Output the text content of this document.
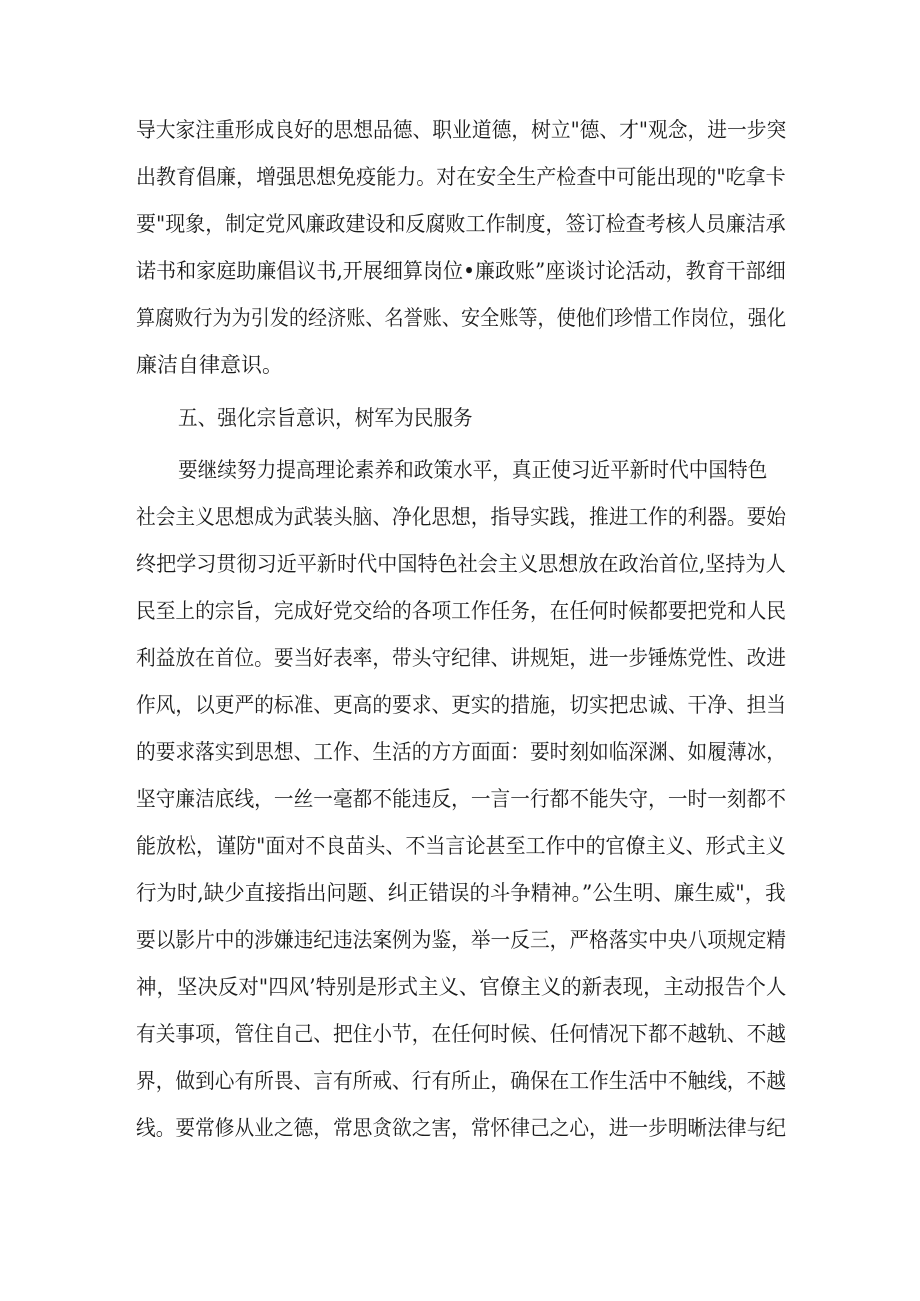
导大家注重形成良好的思想品德、职业道德，树立"德、才"观念，进一步突
出教育倡廉，增强思想免疫能力。对在安全生产检查中可能出现的"吃拿卡
要"现象，制定党风廉政建设和反腐败工作制度，签订检查考核人员廉洁承
诺书和家庭助廉倡议书,开展细算岗位•廉政账”座谈讨论活动，教育干部细
算腐败行为为引发的经济账、名誉账、安全账等，使他们珍惜工作岗位，强化
廉洁自律意识。
五、强化宗旨意识，树军为民服务
要继续努力提高理论素养和政策水平，真正使习近平新时代中国特色
社会主义思想成为武装头脑、净化思想，指导实践，推进工作的利器。要始
终把学习贯彻习近平新时代中国特色社会主义思想放在政治首位,坚持为人
民至上的宗旨，完成好党交给的各项工作任务，在任何时候都要把党和人民
利益放在首位。要当好表率，带头守纪律、讲规矩，进一步锤炼党性、改进
作风，以更严的标准、更高的要求、更实的措施，切实把忠诚、干净、担当
的要求落实到思想、工作、生活的方方面面：要时刻如临深渊、如履薄冰，
坚守廉洁底线，一丝一毫都不能违反，一言一行都不能失守，一时一刻都不
能放松，谨防"面对不良苗头、不当言论甚至工作中的官僚主义、形式主义
行为时,缺少直接指出问题、纠正错误的斗争精神。”公生明、廉生威"，我
要以影片中的涉嫌违纪违法案例为鉴，举一反三，严格落实中央八项规定精
神，坚决反对"四风’特别是形式主义、官僚主义的新表现，主动报告个人
有关事项，管住自己、把住小节，在任何时候、任何情况下都不越轨、不越
界，做到心有所畏、言有所戒、行有所止，确保在工作生活中不触线，不越
线。要常修从业之德，常思贪欲之害，常怀律己之心，进一步明晰法律与纪
